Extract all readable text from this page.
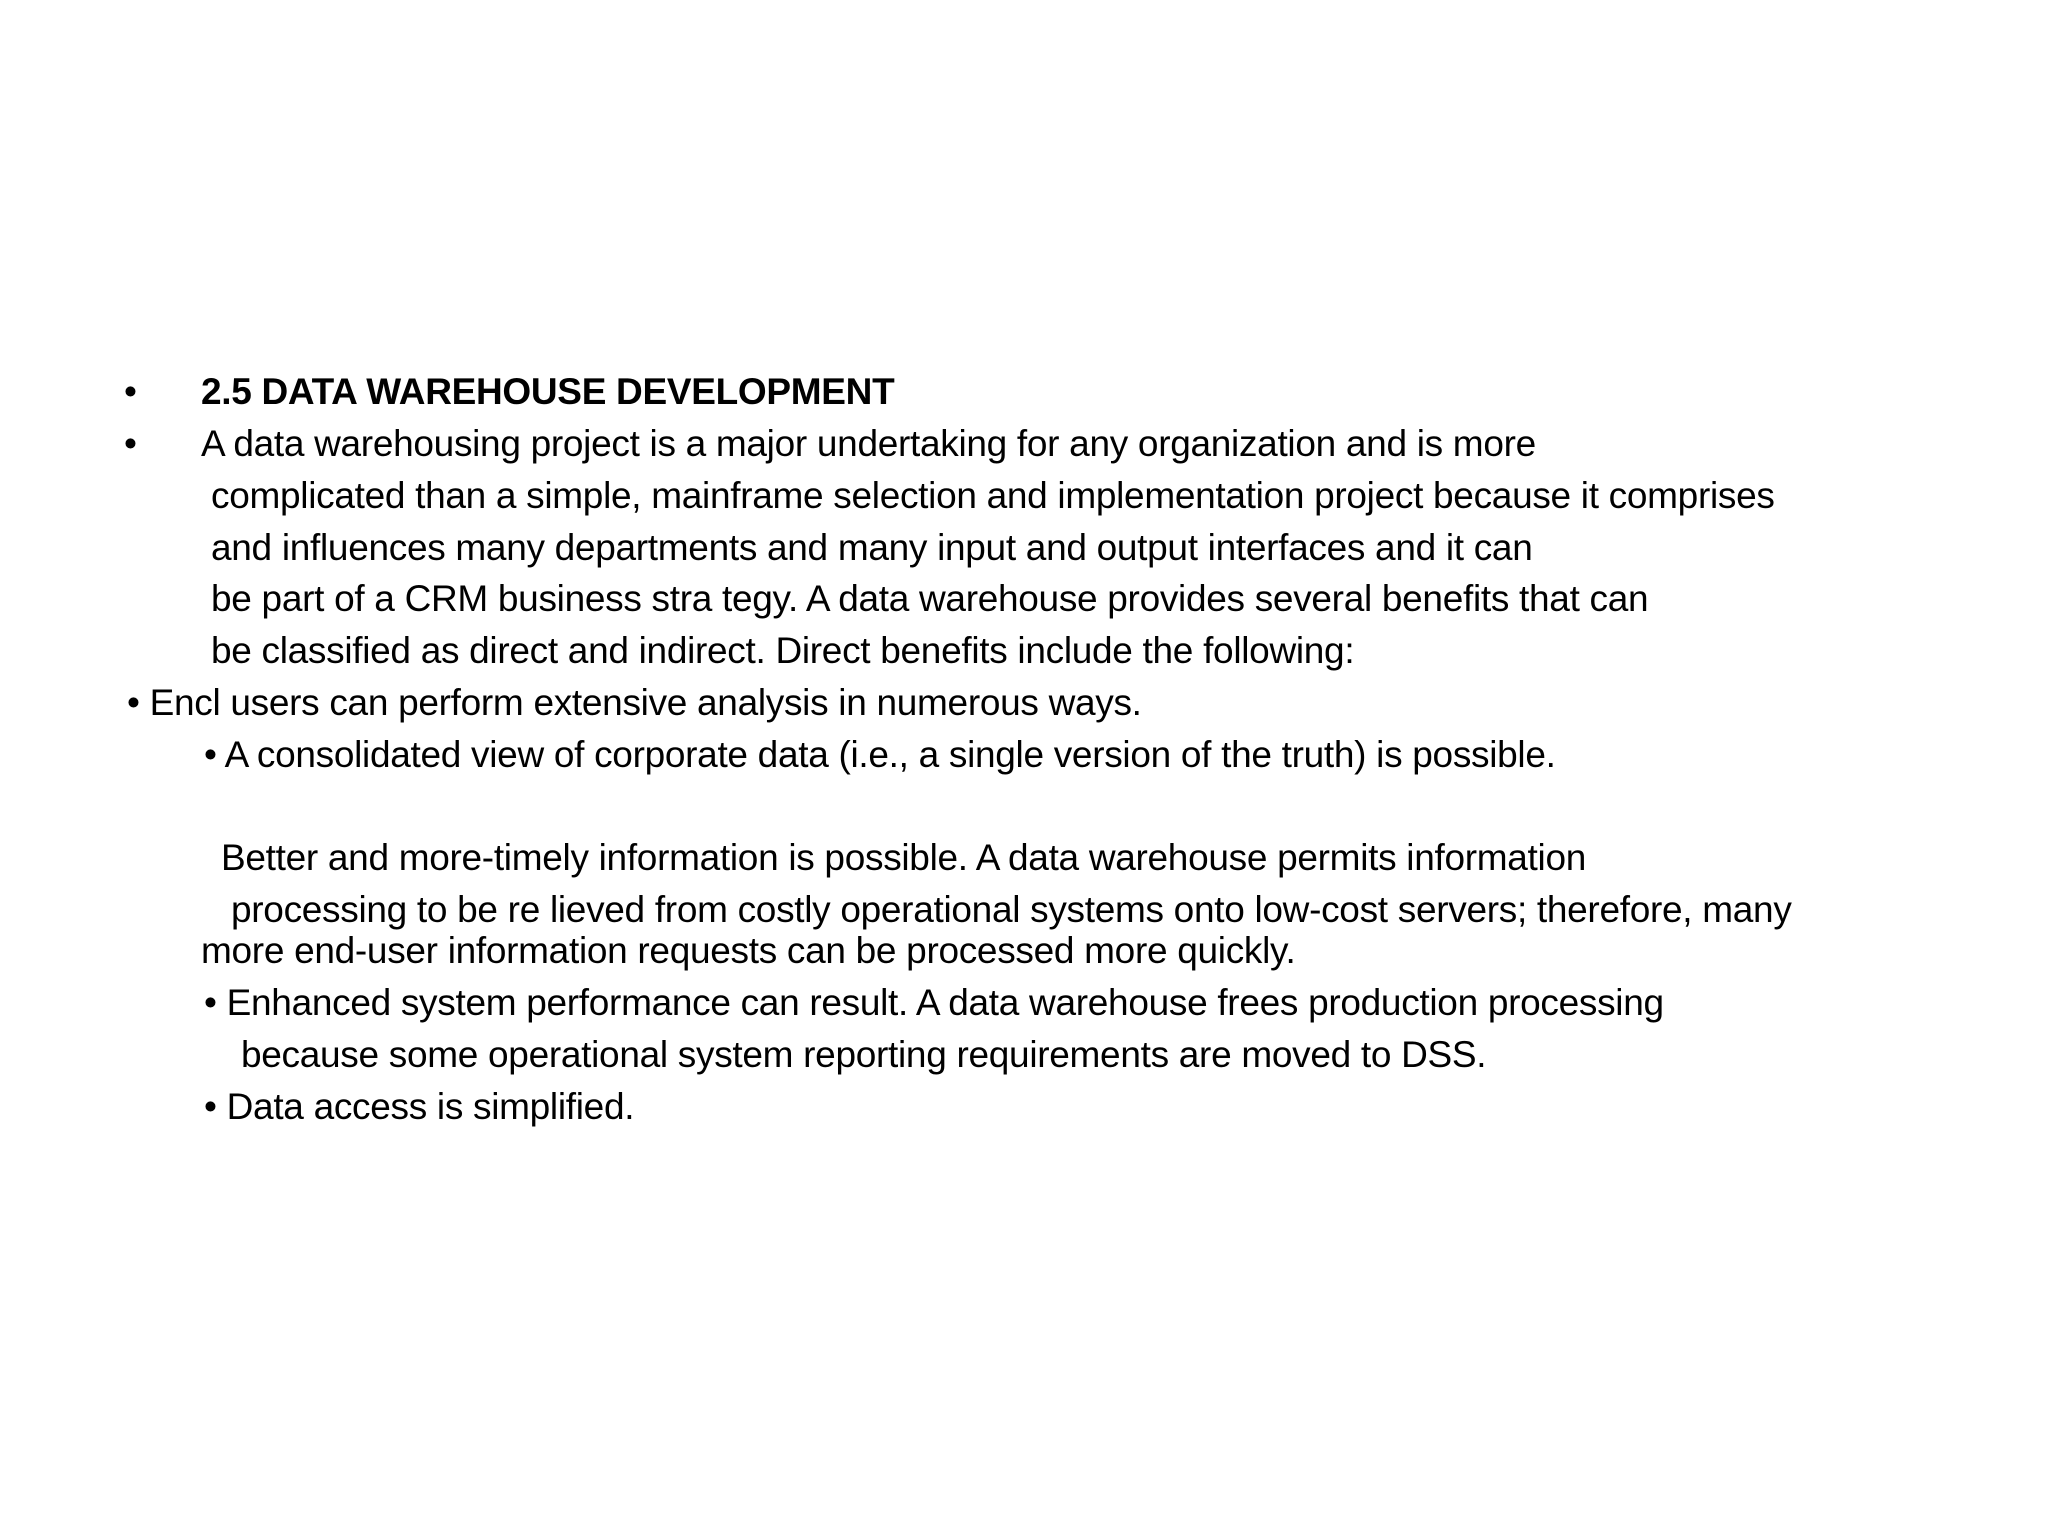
• 2.5 DATA WAREHOUSE DEVELOPMENT
• A data warehousing project is a major undertaking for any organization and is more
complicated than a simple, mainframe selection and implementation project because it comprises
and influences many departments and many input and output interfaces and it can
be part of a CRM business stra tegy. A data warehouse provides several benefits that can
be classified as direct and indirect. Direct benefits include the following:
• Encl users can perform extensive analysis in numerous ways.
• A consolidated view of corporate data (i.e., a single version of the truth) is possible.
Better and more-timely information is possible. A data warehouse permits information
processing to be re lieved from costly operational systems onto low-cost servers; therefore, many
more end-user information requests can be processed more quickly.
• Enhanced system performance can result. A data warehouse frees production processing
because some operational system reporting requirements are moved to DSS.
• Data access is simplified.
